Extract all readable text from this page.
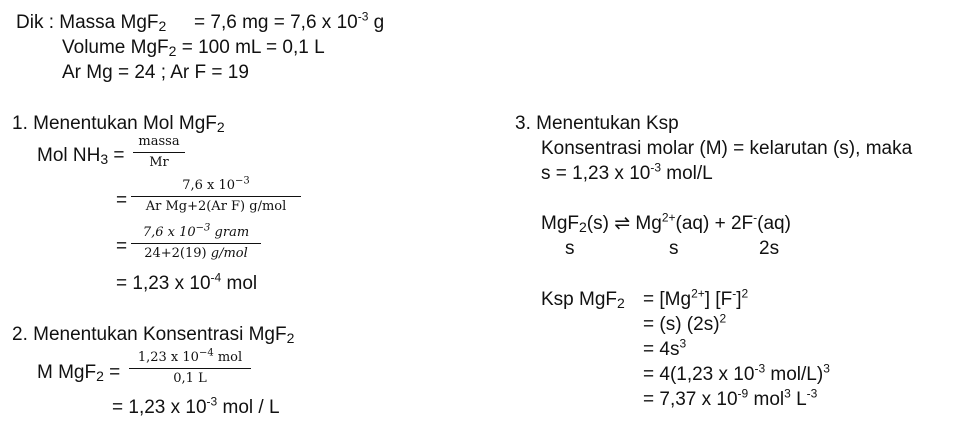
Dik : Massa MgF2 = 7,6 mg = 7,6 x $10^{-3}$ g
Volume MgF2 = 100 mL = 0,1 L
Ar Mg = 24 ; Ar F = 19
1. Menentukan Mol MgF2
Mol NH3 =
massa
Mr
=
7,6 x $10^{-3}$
Ar Mg+2(Ar F) g/mol
=
7,6 x $10^{-3}$ gram
24+2(19) g/mol
= 1,23 x $10^{-4}$ mol
2. Menentukan Konsentrasi MgF2
M MgF2 =
1,23 x $10^{-4}$ mol
0,1 L
= 1,23 x $10^{-3}$ mol / L
3. Menentukan Ksp
Konsentrasi molar (M) = kelarutan (s), maka
s = 1,23 x $10^{-3}$ mol/L
MgF2(s) ⇌ $Mg^{2+}(aq) + 2F^-(aq)$
s	s	2s
Ksp $MgF2 = [Mg^{2+}]$ $[F^-]^2$
= (s) $(2s)^2$
= $4s^3$
= 4(1,23 x $10^{-3}$ mol/L)$^3$
= 7,37 x $10^{-9}$ mol$^3$ $L^{-3}$
